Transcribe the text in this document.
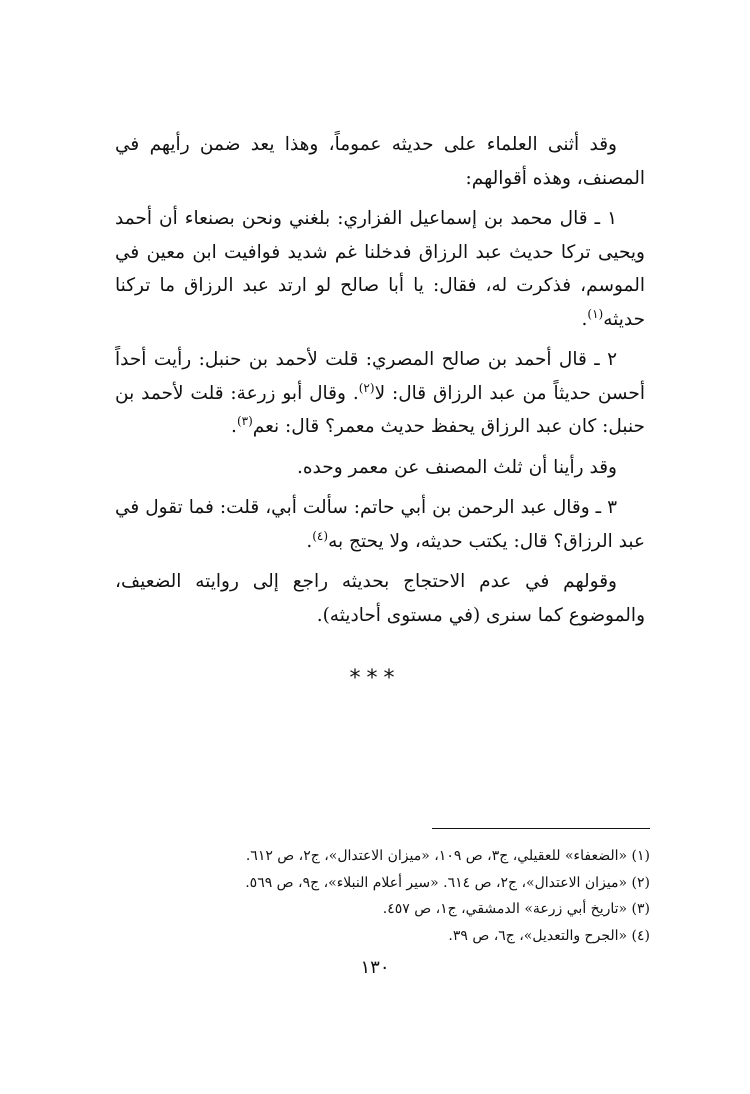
وقد أثنى العلماء على حديثه عموماً، وهذا يعد ضمن رأيهم في المصنف، وهذه أقوالهم:

١ ـ قال محمد بن إسماعيل الفزاري: بلغني ونحن بصنعاء أن أحمد ويحيى تركا حديث عبد الرزاق فدخلنا غم شديد فوافيت ابن معين في الموسم، فذكرت له، فقال: يا أبا صالح لو ارتد عبد الرزاق ما تركنا حديثه$^{(١)}$.

٢ ـ قال أحمد بن صالح المصري: قلت لأحمد بن حنبل: رأيت أحداً أحسن حديثاً من عبد الرزاق قال: لا$^{(٢)}$. وقال أبو زرعة: قلت لأحمد بن حنبل: كان عبد الرزاق يحفظ حديث معمر؟ قال: نعم$^{(٣)}$.

وقد رأينا أن ثلث المصنف عن معمر وحده.

٣ ـ وقال عبد الرحمن بن أبي حاتم: سألت أبي، قلت: فما تقول في عبد الرزاق؟ قال: يكتب حديثه، ولا يحتج به$^{(٤)}$.

وقولهم في عدم الاحتجاج بحديثه راجع إلى روايته الضعيف، والموضوع كما سنرى (في مستوى أحاديثه).

***
(١) «الضعفاء» للعقيلي، ج٣، ص ١٠٩، «ميزان الاعتدال»، ج٢، ص ٦١٢.
(٢) «ميزان الاعتدال»، ج٢، ص ٦١٤. «سير أعلام النبلاء»، ج٩، ص ٥٦٩.
(٣) «تاريخ أبي زرعة» الدمشقي، ج١، ص ٤٥٧.
(٤) «الجرح والتعديل»، ج٦، ص ٣٩.
١٣٠
